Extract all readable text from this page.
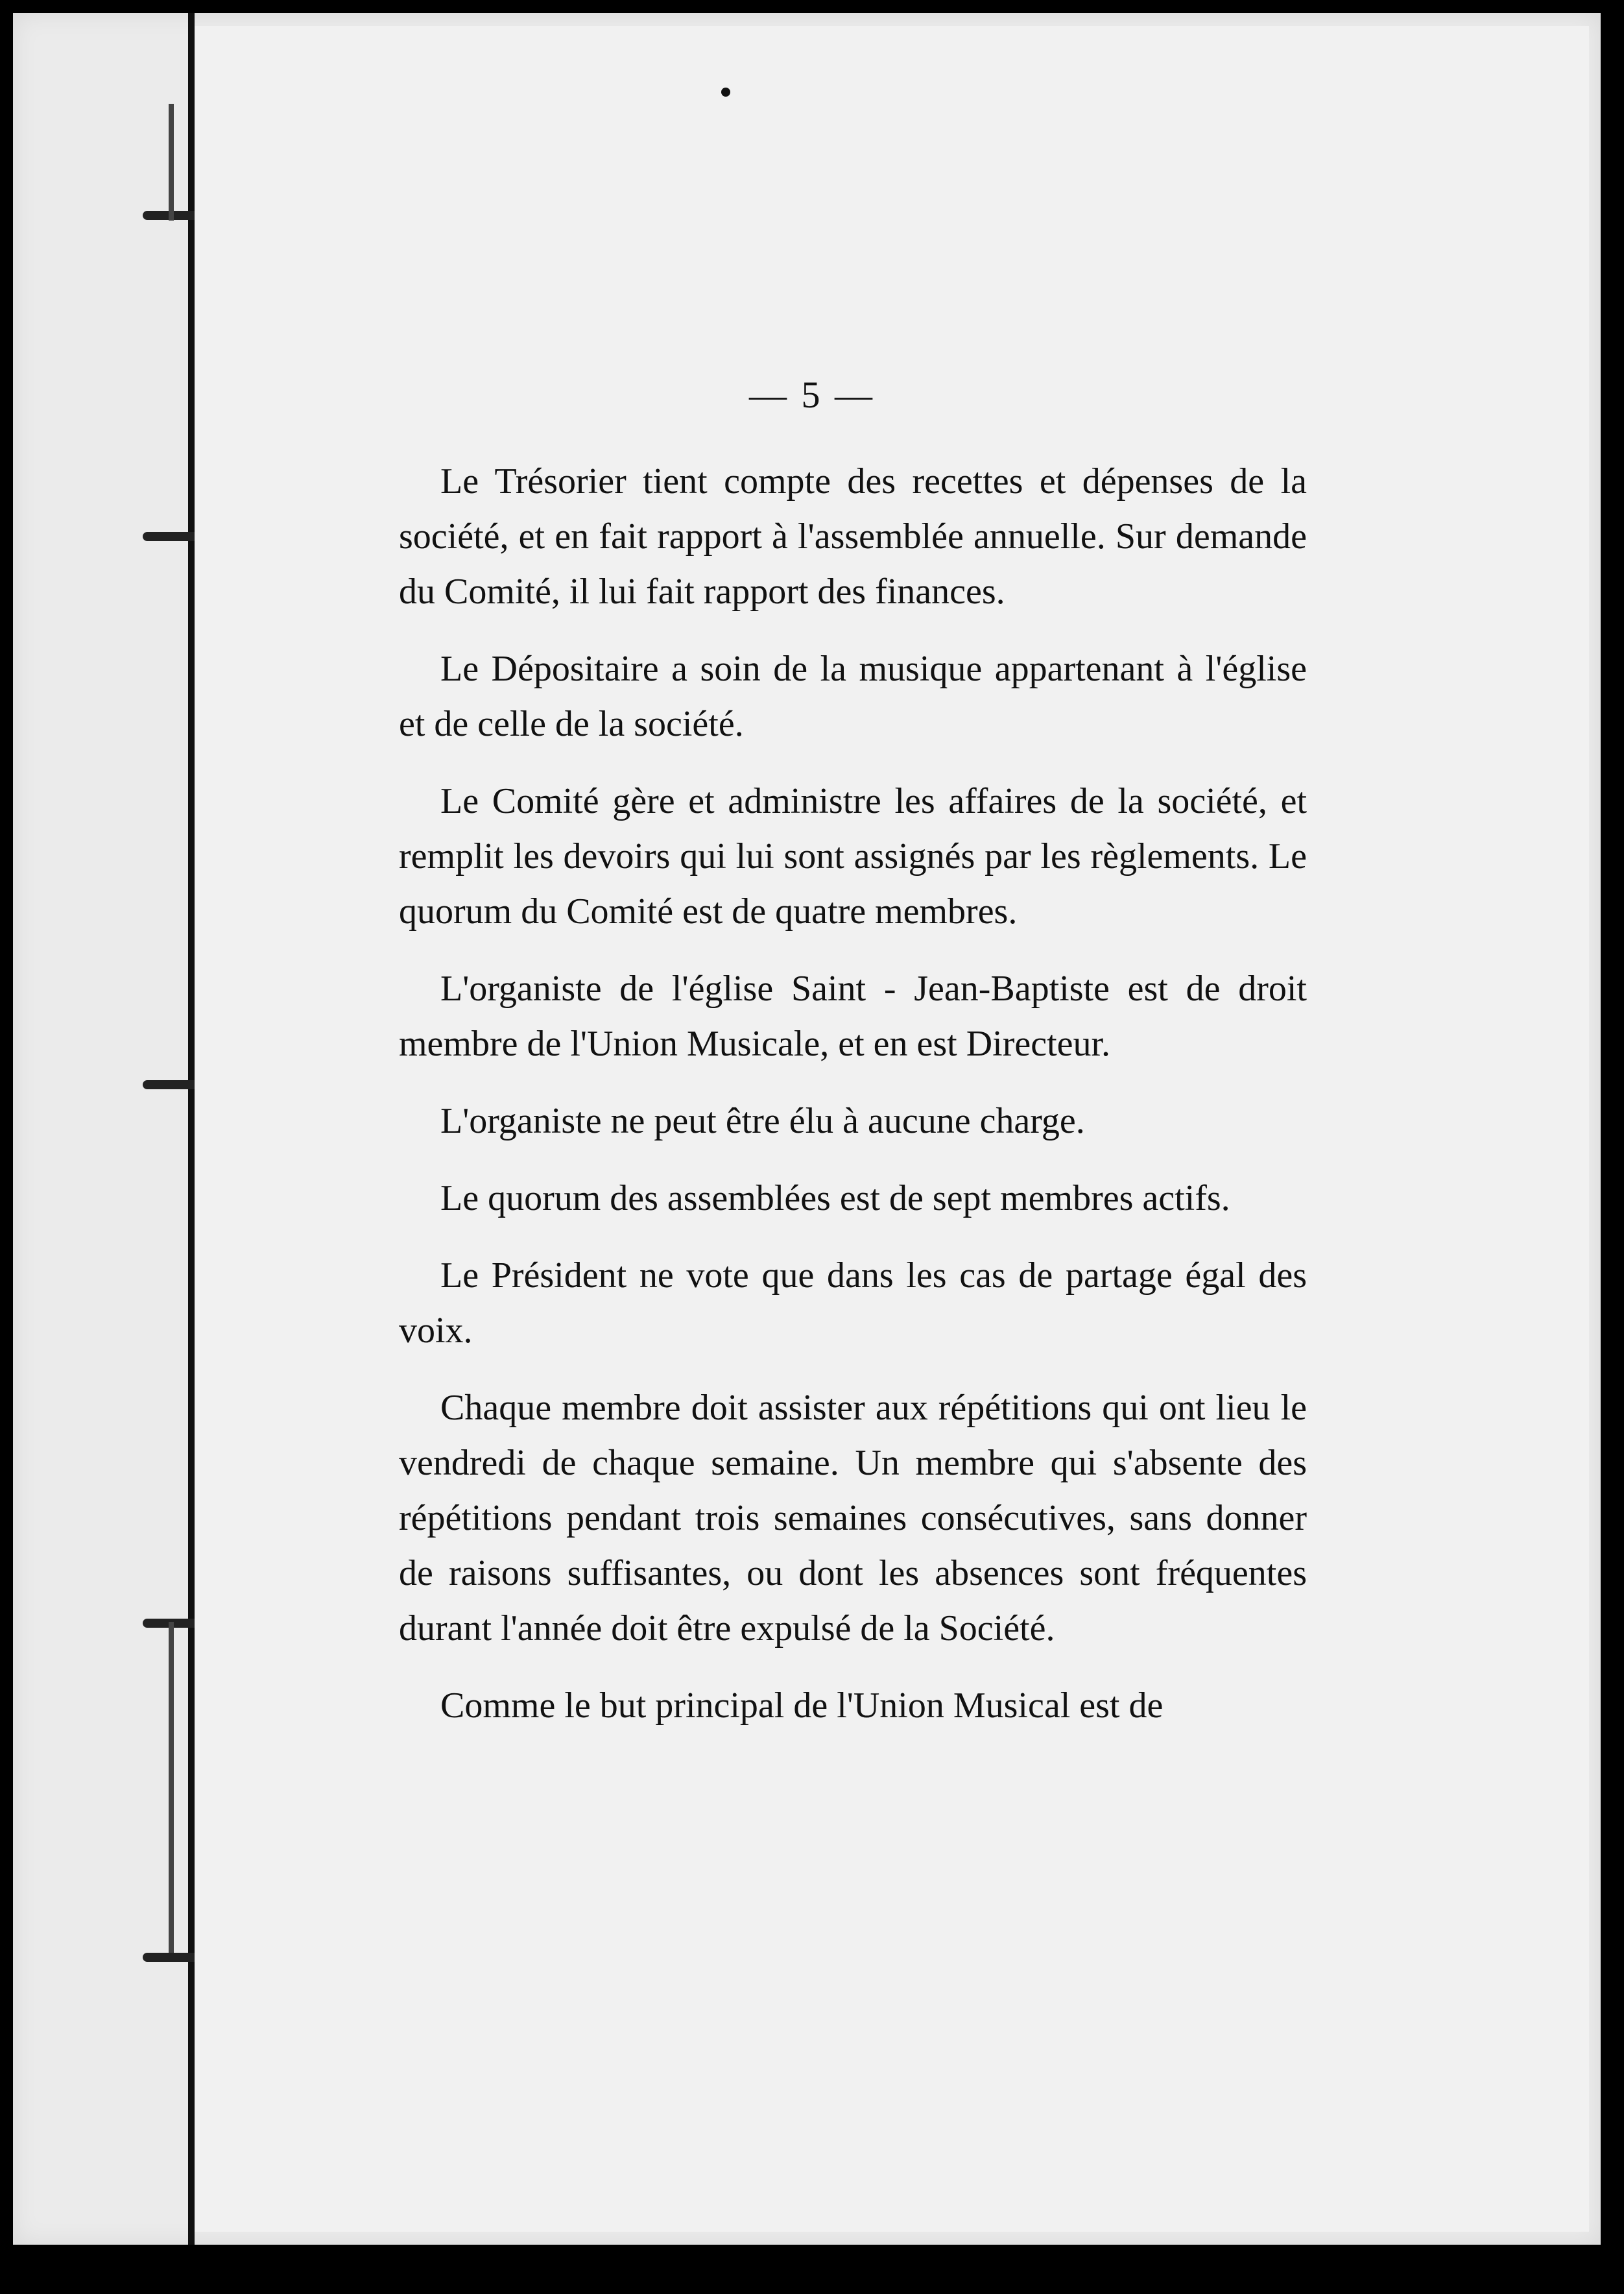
— 5 —

Le Trésorier tient compte des recettes et dépenses de la société, et en fait rapport à l'assemblée annuelle. Sur demande du Comité, il lui fait rapport des finances.

Le Dépositaire a soin de la musique appartenant à l'église et de celle de la société.

Le Comité gère et administre les affaires de la société, et remplit les devoirs qui lui sont assignés par les règlements. Le quorum du Comité est de quatre membres.

L'organiste de l'église Saint - Jean-Baptiste est de droit membre de l'Union Musicale, et en est Directeur.

L'organiste ne peut être élu à aucune charge.

Le quorum des assemblées est de sept membres actifs.

Le Président ne vote que dans les cas de partage égal des voix.

Chaque membre doit assister aux répétitions qui ont lieu le vendredi de chaque semaine. Un membre qui s'absente des répétitions pendant trois semaines consécutives, sans donner de raisons suffisantes, ou dont les absences sont fréquentes durant l'année doit être expulsé de la Société.

Comme le but principal de l'Union Musical est de
